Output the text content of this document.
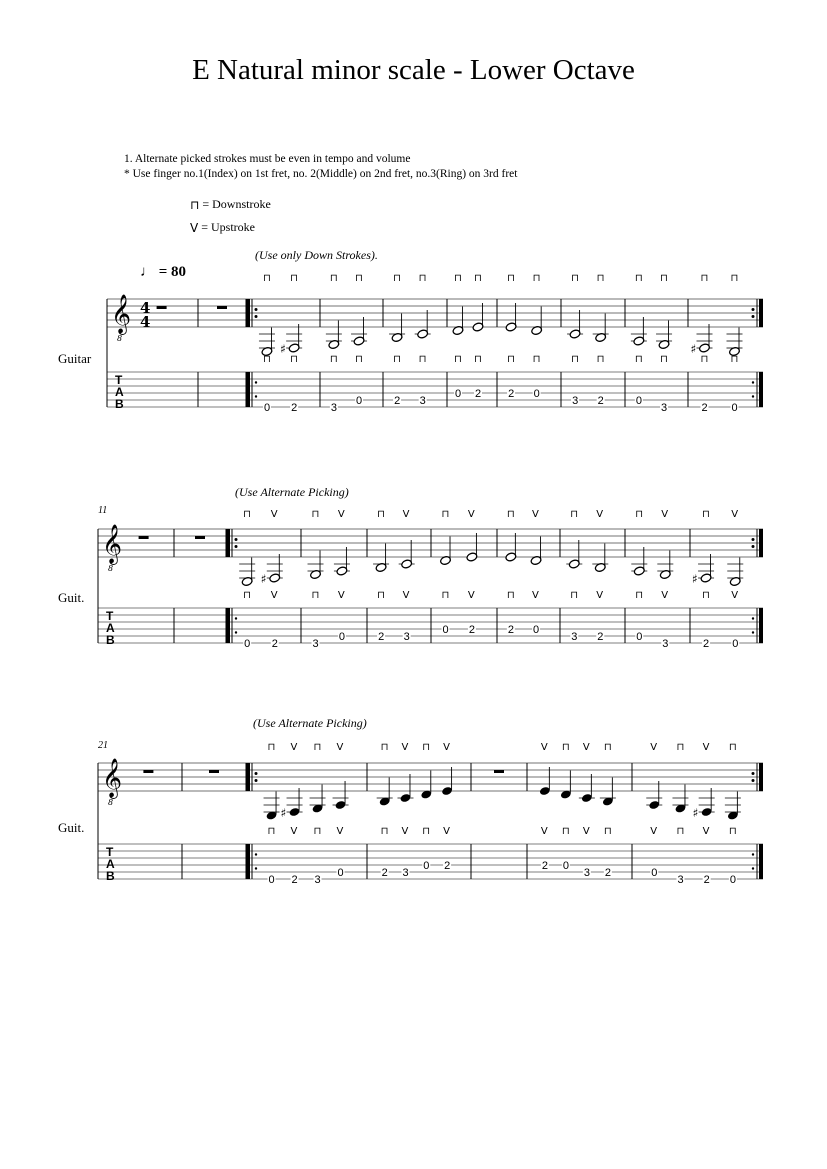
E Natural minor scale - Lower Octave
1. Alternate picked strokes must be even in tempo and volume
* Use finger no.1(Index) on 1st fret, no. 2(Middle) on 2nd fret, no.3(Ring) on 3rd fret
⊓ = Downstroke
V = Upstroke
♩ = 80
(Use only Down Strokes).
Guitar
11
(Use Alternate Picking)
Guit.
21
(Use Alternate Picking)
Guit.
𝄞
8
T
A
B
4
4
⊓
⊓
0
♯
⊓
⊓
2
⊓
⊓
3
⊓
⊓
0
⊓
⊓
2
⊓
⊓
3
⊓
⊓
0
⊓
⊓
2
⊓
⊓
2
⊓
⊓
0
⊓
⊓
3
⊓
⊓
2
⊓
⊓
0
⊓
⊓
3
♯
⊓
⊓
2
⊓
⊓
0
𝄞
8
T
A
B
⊓
⊓
0
♯
V
V
2
⊓
⊓
3
V
V
0
⊓
⊓
2
V
V
3
⊓
⊓
0
V
V
2
⊓
⊓
2
V
V
0
⊓
⊓
3
V
V
2
⊓
⊓
0
V
V
3
♯
⊓
⊓
2
V
V
0
𝄞
8
T
A
B
⊓
⊓
0
♯
V
V
2
⊓
⊓
3
V
V
0
⊓
⊓
2
V
V
3
⊓
⊓
0
V
V
2
V
V
2
⊓
⊓
0
V
V
3
⊓
⊓
2
V
V
0
⊓
⊓
3
♯
V
V
2
⊓
⊓
0
